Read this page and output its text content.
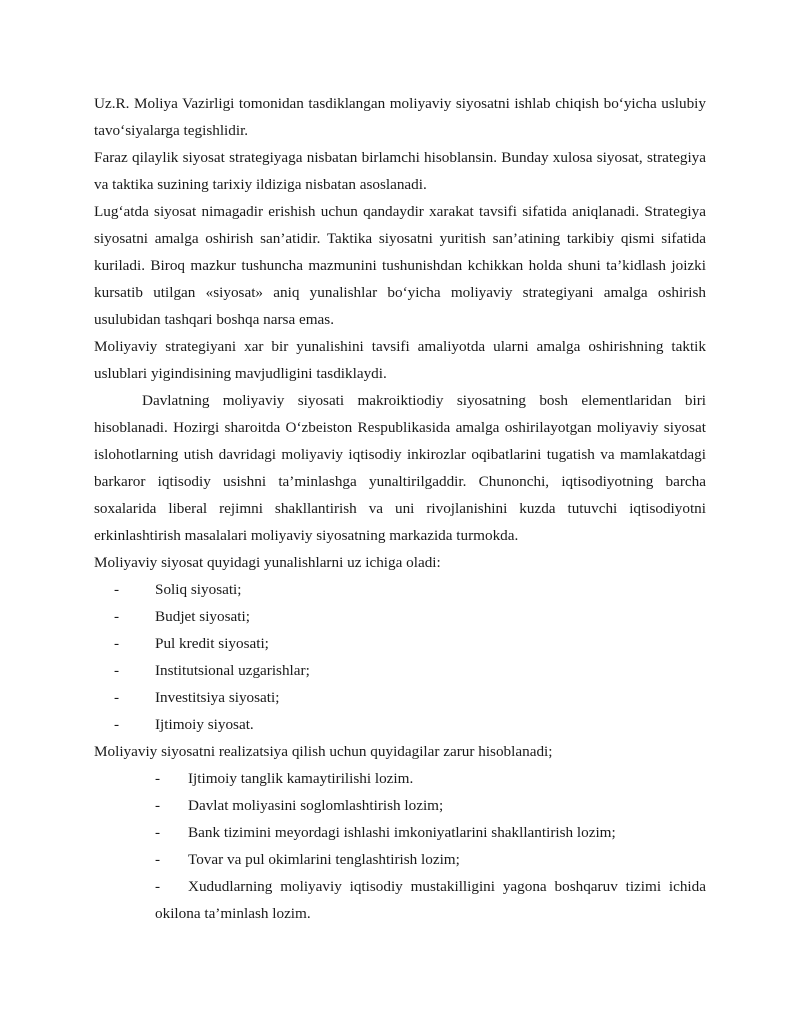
Uz.R. Moliya Vazirligi tomonidan tasdiklangan moliyaviy siyosatni ishlab chiqish bo‘yicha uslubiy tavo‘siyalarga tegishlidir.

Faraz qilaylik siyosat strategiyaga nisbatan birlamchi hisoblansin. Bunday xulosa siyosat, strategiya va taktika suzining tarixiy ildiziga nisbatan asoslanadi.

Lug‘atda siyosat nimagadir erishish uchun qandaydir xarakat tavsifi sifatida aniqlanadi. Strategiya siyosatni amalga oshirish san’atidir. Taktika siyosatni yuritish san’atining tarkibiy qismi sifatida kuriladi. Biroq mazkur tushuncha mazmunini tushunishdan kchikkan holda shuni ta’kidlash joizki kursatib utilgan «siyosat» aniq yunalishlar bo‘yicha moliyaviy strategiyani amalga oshirish usulubidan tashqari boshqa narsa emas.

Moliyaviy strategiyani xar bir yunalishini tavsifi amaliyotda ularni amalga oshirishning taktik uslublari yigindisining mavjudligini tasdiklaydi.

Davlatning moliyaviy siyosati makroiktiodiy siyosatning bosh elementlaridan biri hisoblanadi. Hozirgi sharoitda O‘zbeiston Respublikasida amalga oshirilayotgan moliyaviy siyosat islohotlarning utish davridagi moliyaviy iqtisodiy inkirozlar oqibatlarini tugatish va mamlakatdagi barkaror iqtisodiy usishni ta’minlashga yunaltirilgaddir. Chunonchi, iqtisodiyotning barcha soxalarida liberal rejimni shakllantirish va uni rivojlanishini kuzda tutuvchi iqtisodiyotni erkinlashtirish masalalari moliyaviy siyosatning markazida turmokda.

Moliyaviy siyosat quyidagi yunalishlarni uz ichiga oladi:

- Soliq siyosati;
- Budjet siyosati;
- Pul kredit siyosati;
- Institutsional uzgarishlar;
- Investitsiya siyosati;
- Ijtimoiy siyosat.

Moliyaviy siyosatni realizatsiya qilish uchun quyidagilar zarur hisoblanadi;

- Ijtimoiy tanglik kamaytirilishi lozim.
- Davlat moliyasini soglomlashtirish lozim;
- Bank tizimini meyordagi ishlashi imkoniyatlarini shakllantirish lozim;
- Tovar va pul okimlarini tenglashtirish lozim;
- Xududlarning moliyaviy iqtisodiy mustakilligini yagona boshqaruv tizimi ichida okilona ta’minlash lozim.
